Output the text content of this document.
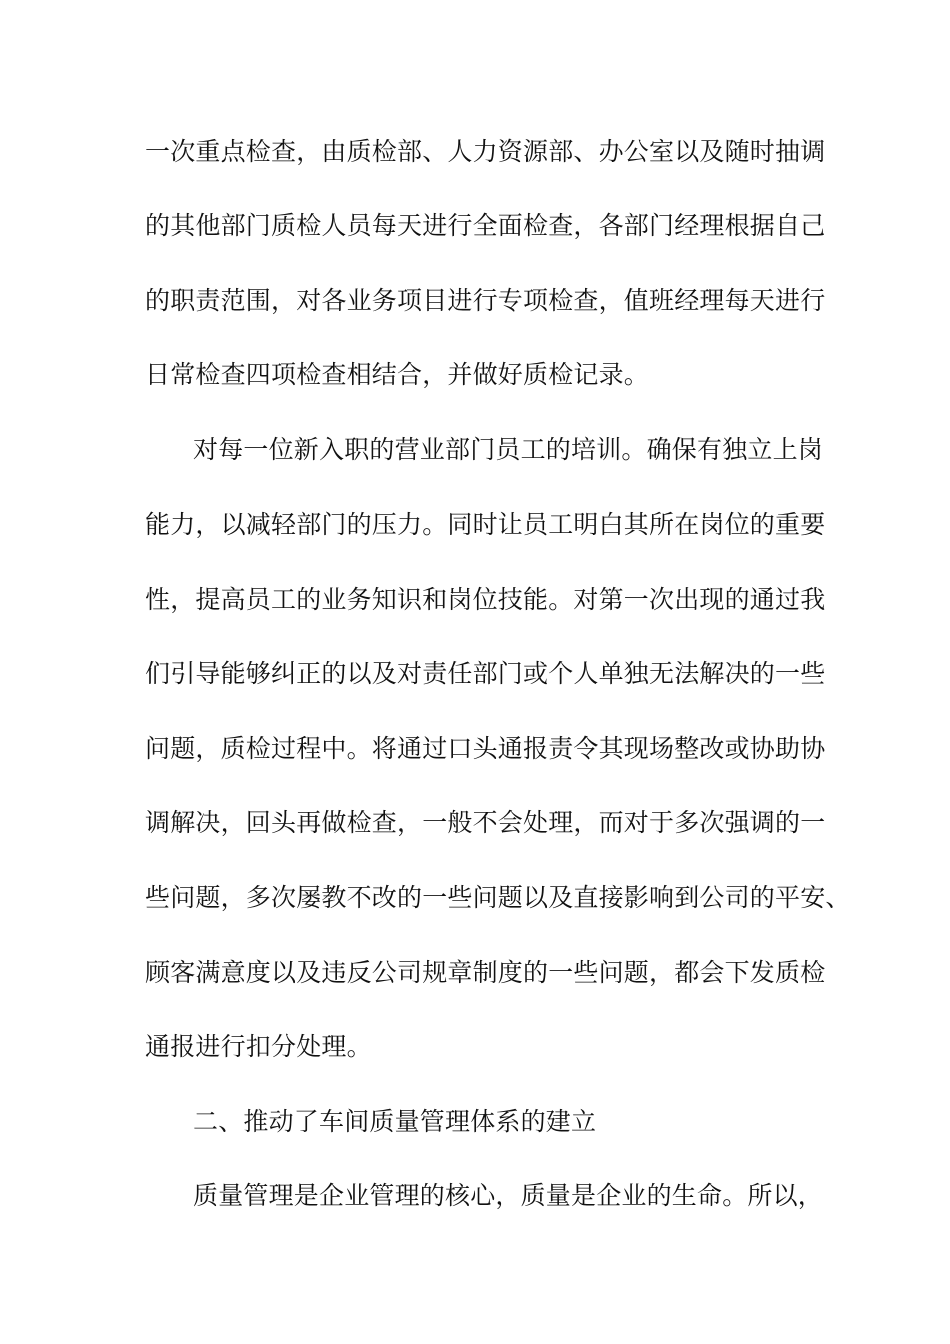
一次重点检查，由质检部、人力资源部、办公室以及随时抽调
的其他部门质检人员每天进行全面检查，各部门经理根据自己
的职责范围，对各业务项目进行专项检查，值班经理每天进行
日常检查四项检查相结合，并做好质检记录。
对每一位新入职的营业部门员工的培训。确保有独立上岗
能力，以减轻部门的压力。同时让员工明白其所在岗位的重要
性，提高员工的业务知识和岗位技能。对第一次出现的通过我
们引导能够纠正的以及对责任部门或个人单独无法解决的一些
问题，质检过程中。将通过口头通报责令其现场整改或协助协
调解决，回头再做检查，一般不会处理，而对于多次强调的一
些问题，多次屡教不改的一些问题以及直接影响到公司的平安、
顾客满意度以及违反公司规章制度的一些问题，都会下发质检
通报进行扣分处理。
二、推动了车间质量管理体系的建立
质量管理是企业管理的核心，质量是企业的生命。所以，
